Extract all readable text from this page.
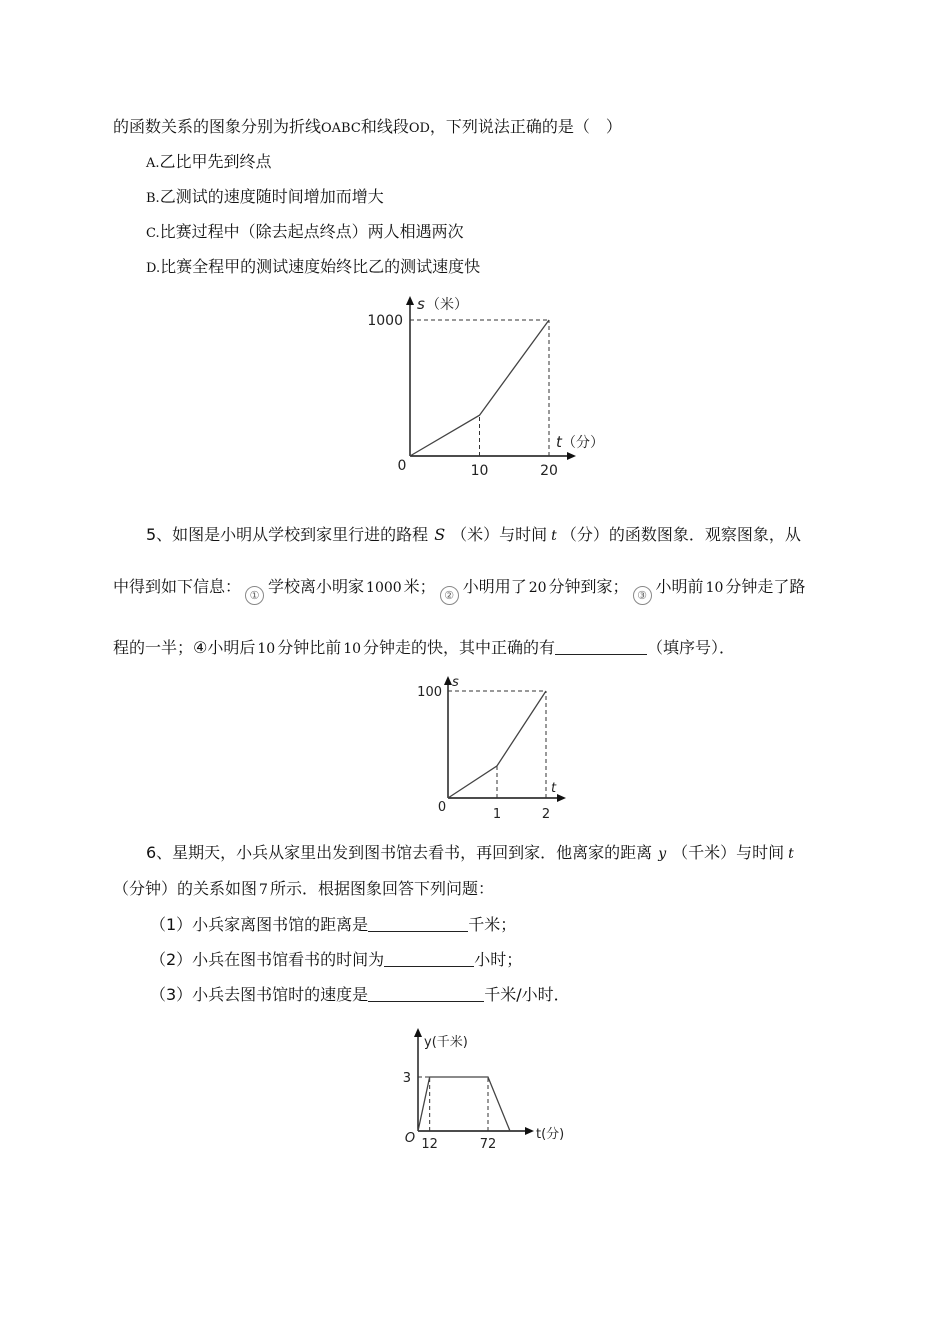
的函数关系的图象分别为折线OABC和线段OD，下列说法正确的是（　）
A.乙比甲先到终点
B.乙测试的速度随时间增加而增大
C.比赛过程中（除去起点终点）两人相遇两次
D.比赛全程甲的测试速度始终比乙的测试速度快
s （米）
t （分）
0	10	20
1000
5、如图是小明从学校到家里行进的路程 S （米）与时间 t （分）的函数图象．观察图象，从
中得到如下信息： ① 学校离小明家 1000 米； ② 小明用了 20 分钟到家； ③ 小明前 10 分钟走了路
程的一半；④小明后 10 分钟比前 10 分钟走的快，其中正确的有	（填序号）．
s
t
0	1	2
100
6、星期天，小兵从家里出发到图书馆去看书，再回到家．他离家的距离 y （千米）与时间 t
（分钟）的关系如图 7 所示．根据图象回答下列问题：
（1）小兵家离图书馆的距离是	千米；
（2）小兵在图书馆看书的时间为	小时；
（3）小兵去图书馆时的速度是	千米/小时．
y(千米)
t(分)
O 12	72
3
